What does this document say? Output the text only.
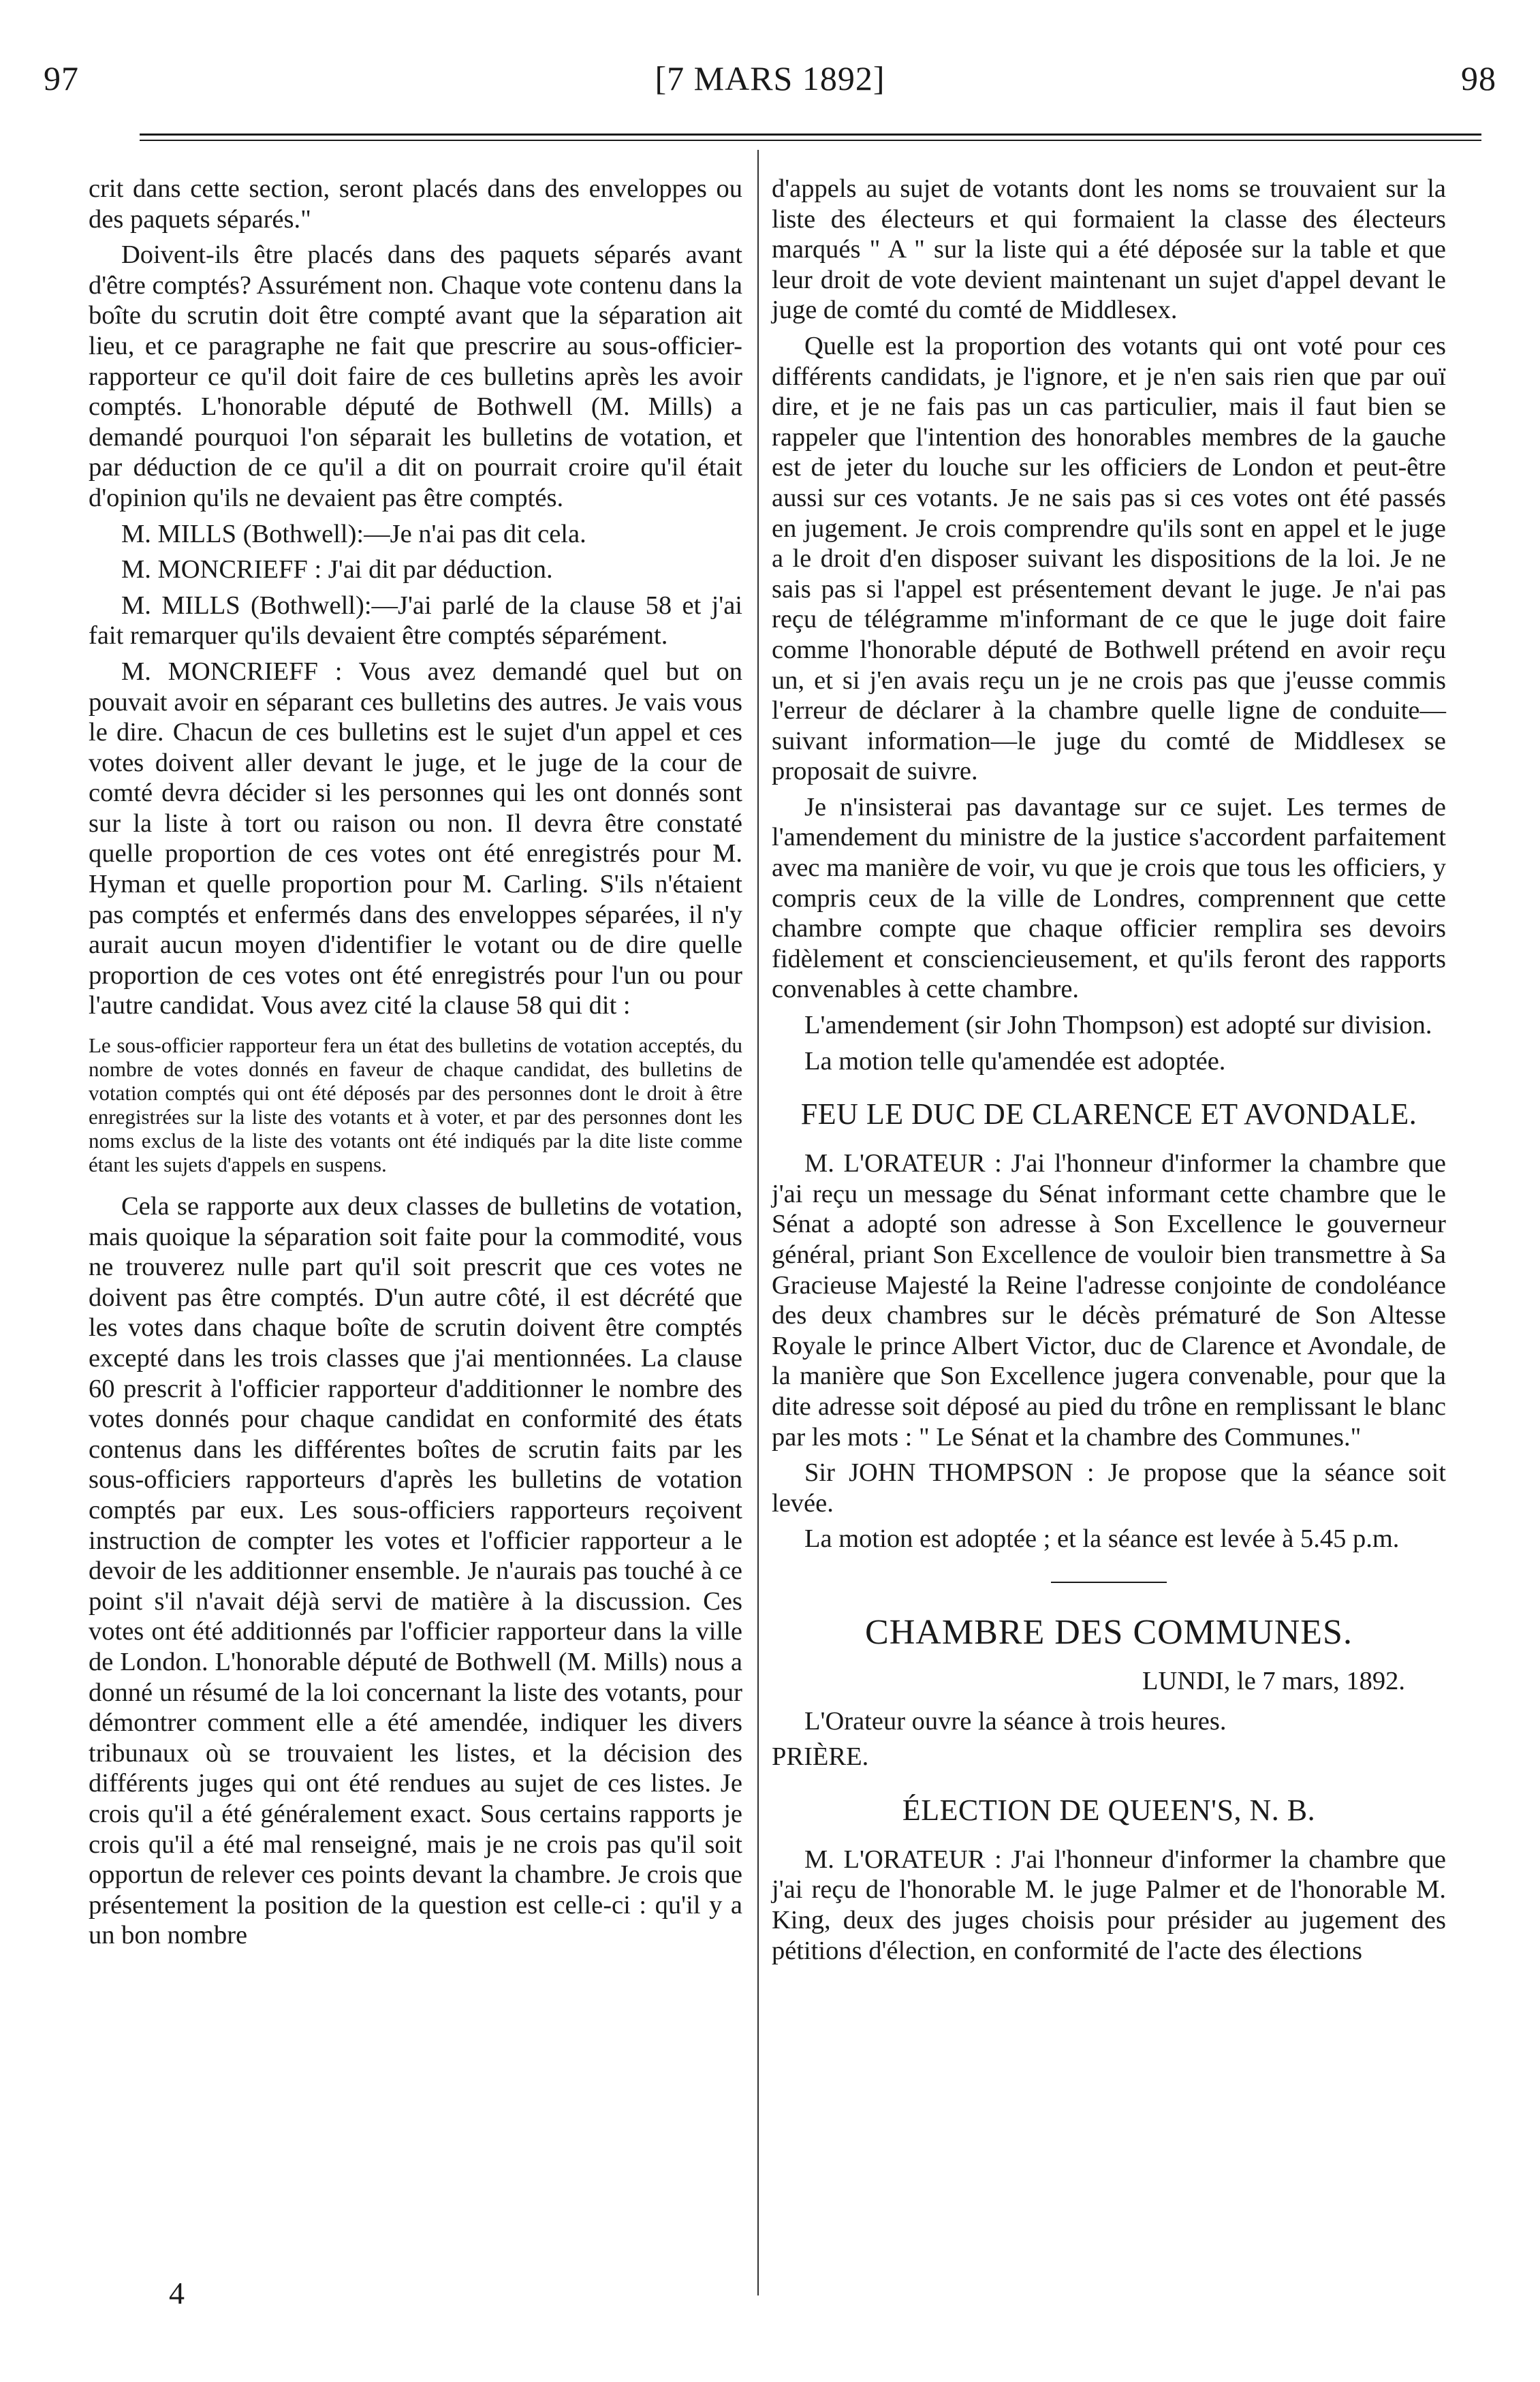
97	[7 MARS 1892]	98

crit dans cette section, seront placés dans des enveloppes ou des paquets séparés."

Doivent-ils être placés dans des paquets séparés avant d'être comptés? Assurément non. Chaque vote contenu dans la boîte du scrutin doit être compté avant que la séparation ait lieu, et ce paragraphe ne fait que prescrire au sous-officier-rapporteur ce qu'il doit faire de ces bulletins après les avoir comptés. L'honorable député de Bothwell (M. Mills) a demandé pourquoi l'on séparait les bulletins de votation, et par déduction de ce qu'il a dit on pourrait croire qu'il était d'opinion qu'ils ne devaient pas être comptés.

M. MILLS (Bothwell):—Je n'ai pas dit cela.

M. MONCRIEFF : J'ai dit par déduction.

M. MILLS (Bothwell):—J'ai parlé de la clause 58 et j'ai fait remarquer qu'ils devaient être comptés séparément.

M. MONCRIEFF : Vous avez demandé quel but on pouvait avoir en séparant ces bulletins des autres. Je vais vous le dire. Chacun de ces bulletins est le sujet d'un appel et ces votes doivent aller devant le juge, et le juge de la cour de comté devra décider si les personnes qui les ont donnés sont sur la liste à tort ou raison ou non. Il devra être constaté quelle proportion de ces votes ont été enregistrés pour M. Hyman et quelle proportion pour M. Carling. S'ils n'étaient pas comptés et enfermés dans des enveloppes séparées, il n'y aurait aucun moyen d'identifier le votant ou de dire quelle proportion de ces votes ont été enregistrés pour l'un ou pour l'autre candidat. Vous avez cité la clause 58 qui dit :

Le sous-officier rapporteur fera un état des bulletins de votation acceptés, du nombre de votes donnés en faveur de chaque candidat, des bulletins de votation comptés qui ont été déposés par des personnes dont le droit à être enregistrées sur la liste des votants et à voter, et par des personnes dont les noms exclus de la liste des votants ont été indiqués par la dite liste comme étant les sujets d'appels en suspens.

Cela se rapporte aux deux classes de bulletins de votation, mais quoique la séparation soit faite pour la commodité, vous ne trouverez nulle part qu'il soit prescrit que ces votes ne doivent pas être comptés. D'un autre côté, il est décrété que les votes dans chaque boîte de scrutin doivent être comptés excepté dans les trois classes que j'ai mentionnées. La clause 60 prescrit à l'officier rapporteur d'additionner le nombre des votes donnés pour chaque candidat en conformité des états contenus dans les différentes boîtes de scrutin faits par les sous-officiers rapporteurs d'après les bulletins de votation comptés par eux. Les sous-officiers rapporteurs reçoivent instruction de compter les votes et l'officier rapporteur a le devoir de les additionner ensemble. Je n'aurais pas touché à ce point s'il n'avait déjà servi de matière à la discussion. Ces votes ont été additionnés par l'officier rapporteur dans la ville de London. L'honorable député de Bothwell (M. Mills) nous a donné un résumé de la loi concernant la liste des votants, pour démontrer comment elle a été amendée, indiquer les divers tribunaux où se trouvaient les listes, et la décision des différents juges qui ont été rendues au sujet de ces listes. Je crois qu'il a été généralement exact. Sous certains rapports je crois qu'il a été mal renseigné, mais je ne crois pas qu'il soit opportun de relever ces points devant la chambre. Je crois que présentement la position de la question est celle-ci : qu'il y a un bon nombre

d'appels au sujet de votants dont les noms se trouvaient sur la liste des électeurs et qui formaient la classe des électeurs marqués " A " sur la liste qui a été déposée sur la table et que leur droit de vote devient maintenant un sujet d'appel devant le juge de comté du comté de Middlesex.

Quelle est la proportion des votants qui ont voté pour ces différents candidats, je l'ignore, et je n'en sais rien que par ouï dire, et je ne fais pas un cas particulier, mais il faut bien se rappeler que l'intention des honorables membres de la gauche est de jeter du louche sur les officiers de London et peut-être aussi sur ces votants. Je ne sais pas si ces votes ont été passés en jugement. Je crois comprendre qu'ils sont en appel et le juge a le droit d'en disposer suivant les dispositions de la loi. Je ne sais pas si l'appel est présentement devant le juge. Je n'ai pas reçu de télégramme m'informant de ce que le juge doit faire comme l'honorable député de Bothwell prétend en avoir reçu un, et si j'en avais reçu un je ne crois pas que j'eusse commis l'erreur de déclarer à la chambre quelle ligne de conduite—suivant information—le juge du comté de Middlesex se proposait de suivre.

Je n'insisterai pas davantage sur ce sujet. Les termes de l'amendement du ministre de la justice s'accordent parfaitement avec ma manière de voir, vu que je crois que tous les officiers, y compris ceux de la ville de Londres, comprennent que cette chambre compte que chaque officier remplira ses devoirs fidèlement et consciencieusement, et qu'ils feront des rapports convenables à cette chambre.

L'amendement (sir John Thompson) est adopté sur division.

La motion telle qu'amendée est adoptée.

FEU LE DUC DE CLARENCE ET AVONDALE.

M. L'ORATEUR : J'ai l'honneur d'informer la chambre que j'ai reçu un message du Sénat informant cette chambre que le Sénat a adopté son adresse à Son Excellence le gouverneur général, priant Son Excellence de vouloir bien transmettre à Sa Gracieuse Majesté la Reine l'adresse conjointe de condoléance des deux chambres sur le décès prématuré de Son Altesse Royale le prince Albert Victor, duc de Clarence et Avondale, de la manière que Son Excellence jugera convenable, pour que la dite adresse soit déposé au pied du trône en remplissant le blanc par les mots : " Le Sénat et la chambre des Communes."

Sir JOHN THOMPSON : Je propose que la séance soit levée.

La motion est adoptée ; et la séance est levée à 5.45 p.m.

CHAMBRE DES COMMUNES.

LUNDI, le 7 mars, 1892.

L'Orateur ouvre la séance à trois heures.

PRIÈRE.

ÉLECTION DE QUEEN'S, N. B.

M. L'ORATEUR : J'ai l'honneur d'informer la chambre que j'ai reçu de l'honorable M. le juge Palmer et de l'honorable M. King, deux des juges choisis pour présider au jugement des pétitions d'élection, en conformité de l'acte des élections

4
